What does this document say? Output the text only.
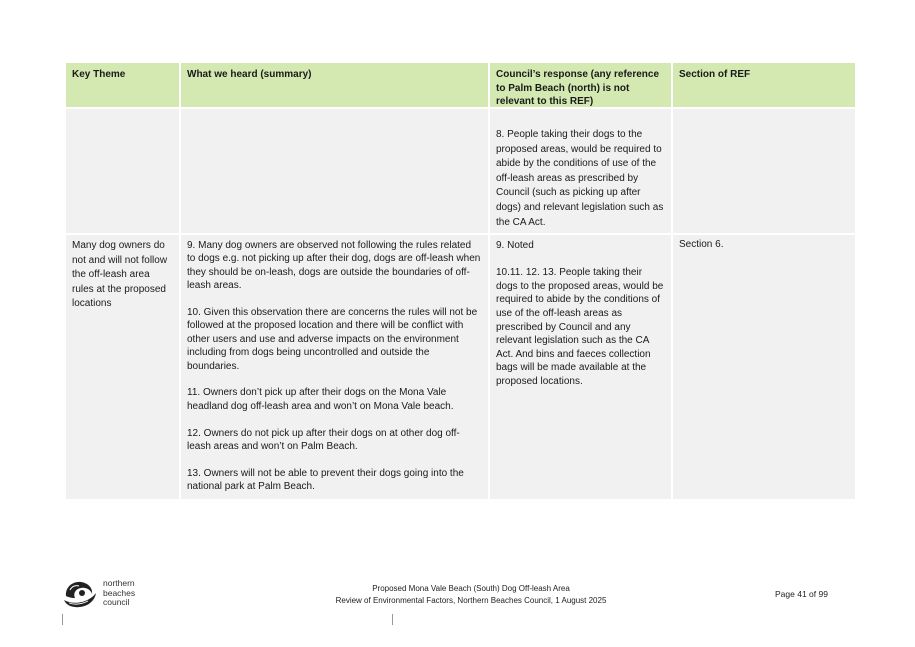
Key Theme	What we heard (summary)	Council’s response (any reference to Palm Beach (north) is not relevant to this REF)
Section of REF
8. People taking their dogs to the proposed areas, would be required to abide by the conditions of use of the off-leash areas as prescribed by Council (such as picking up after dogs) and relevant legislation such as the CA Act.
Many dog owners do not and will not follow the off-leash area rules at the proposed locations
9. Many dog owners are observed not following the rules related to dogs e.g. not picking up after their dog, dogs are off-leash when they should be on-leash, dogs are outside the boundaries of off-leash areas.

10. Given this observation there are concerns the rules will not be followed at the proposed location and there will be conflict with other users and use and adverse impacts on the environment including from dogs being uncontrolled and outside the boundaries.

11. Owners don’t pick up after their dogs on the Mona Vale headland dog off-leash area and won’t on Mona Vale beach.

12. Owners do not pick up after their dogs on at other dog off-leash areas and won’t on Palm Beach.

13. Owners will not be able to prevent their dogs going into the national park at Palm Beach.
9. Noted

10.11. 12. 13. People taking their dogs to the proposed areas, would be required to abide by the conditions of use of the off-leash areas as prescribed by Council and any relevant legislation such as the CA Act. And bins and faeces collection bags will be made available at the proposed locations.
Section 6.
northern
beaches
council
Proposed Mona Vale Beach (South) Dog Off-leash Area
Review of Environmental Factors, Northern Beaches Council, 1 August 2025
Page 41 of 99
